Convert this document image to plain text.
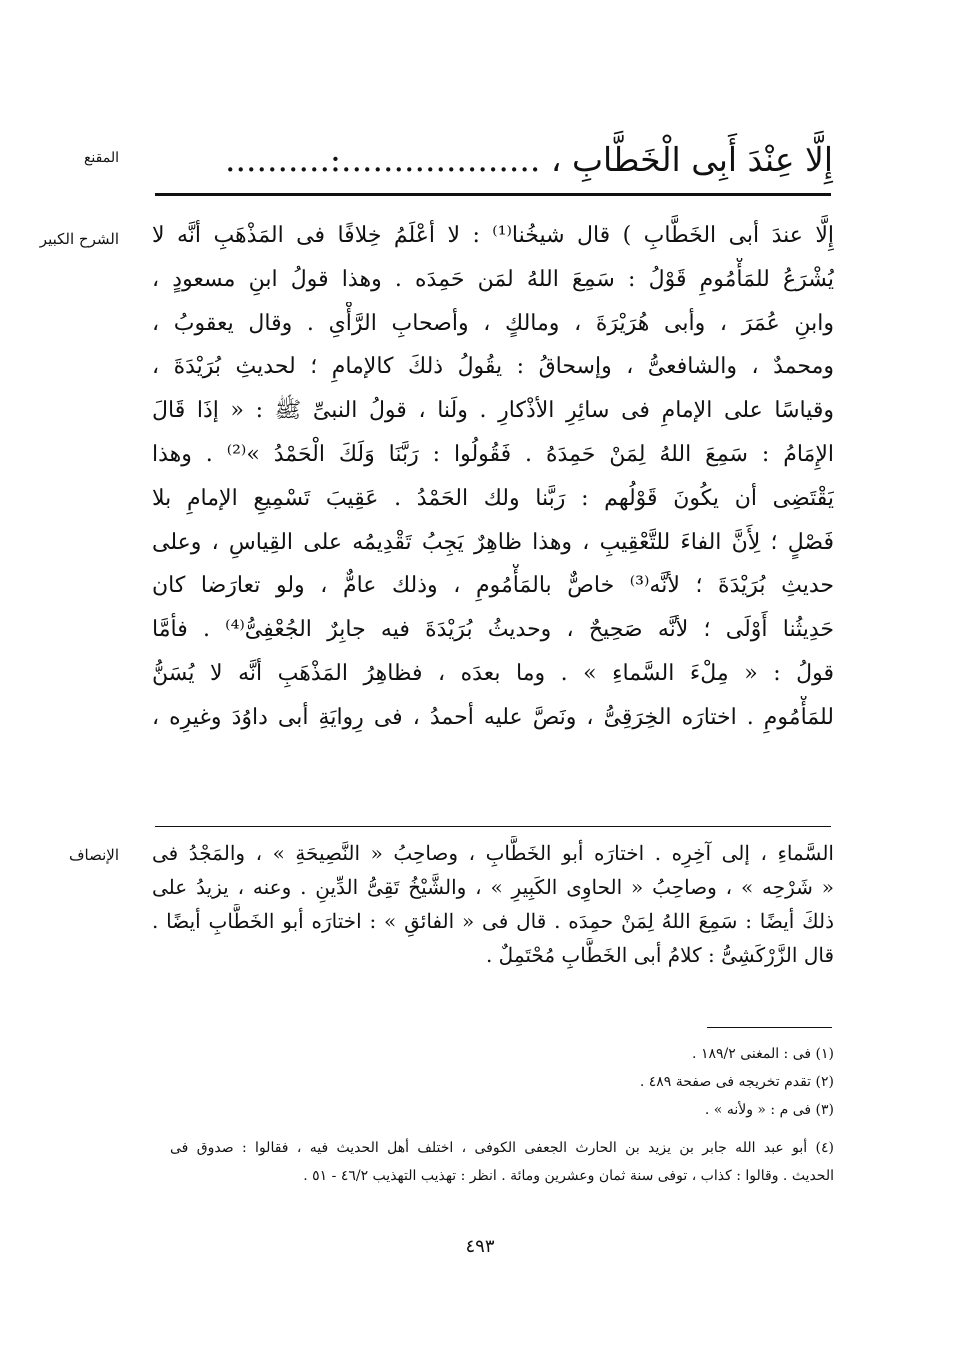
إِلَّا عِنْدَ أَبِى الْخَطَّابِ ، ...................:..........
المقنع
الشرح الكبير إِلَّا عندَ أبى الخَطَّابِ ) قال شيخُنا⁽¹⁾ : لا أعْلَمُ خِلافًا فى المَذْهَبِ أنَّه لا
يُشْرَعُ للمَأْمُومِ قَوْلُ : سَمِعَ اللهُ لمَن حَمِدَه . وهذا قولُ ابنِ مسعودٍ ،
وابنِ عُمَرَ ، وأبى هُرَيْرَةَ ، ومالكٍ ، وأصحابِ الرَّأْىِ . وقال يعقوبُ ،
ومحمدٌ ، والشافعىُّ ، وإسحاقُ : يقُولُ ذلكَ كالإمامِ ؛ لحديثِ بُرَيْدَةَ ،
وقياسًا على الإمامِ فى سائِرِ الأذْكارِ . ولَنا ، قولُ النبىِّ ﷺ : « إذَا قَالَ
الإِمَامُ : سَمِعَ اللهُ لِمَنْ حَمِدَهُ . فَقُولُوا : رَبَّنَا وَلَكَ الْحَمْدُ »⁽²⁾ . وهذا
يَقْتَضِى أن يكُونَ قَوْلُهم : رَبَّنا ولك الحَمْدُ . عَقِيبَ تَسْمِيعِ الإمامِ بلا
فَصْلٍ ؛ لِأَنَّ الفاءَ للتَّعْقِيبِ ، وهذا ظاهِرٌ يَجِبُ تَقْدِيمُه على القِياسِ ، وعلى
حديثِ بُرَيْدَةَ ؛ لأنَّه⁽³⁾ خاصٌّ بالمَأْمُومِ ، وذلك عامٌّ ، ولو تعارَضا كان
حَدِيثُنا أَوْلَى ؛ لأنَّه صَحِيحٌ ، وحديثُ بُرَيْدَةَ فيه جابِرٌ الجُعْفِىُّ⁽⁴⁾ . فأمَّا
قولُ : « مِلْءَ السَّماءِ » . وما بعدَه ، فظاهِرُ المَذْهَبِ أنَّه لا يُسَنُّ
للمَأْمُومِ . اختارَه الخِرَقِىُّ ، ونَصَّ عليه أحمدُ ، فى رِوايَةِ أبى داوُدَ وغيرِه ،
الإنصاف السَّماءِ ، إلى آخِرِه . اختارَه أبو الخَطَّابِ ، وصاحِبُ « النَّصِيحَةِ » ، والمَجْدُ فى
« شَرْحِه » ، وصاحِبُ « الحاوِى الكَبِيرِ » ، والشَّيْخُ تَقِىُّ الدِّينِ . وعنه ، يزيدُ على
ذلكَ أيضًا : سَمِعَ اللهُ لِمَنْ حمِدَه . قال فى « الفائقِ » : اختارَه أبو الخَطَّابِ أيضًا .
قال الزَّرْكَشِىُّ : كلامُ أبى الخَطَّابِ مُحْتَمِلٌ .
(١) فى : المغنى ١٨٩/٢ .
(٢) تقدم تخريجه فى صفحة ٤٨٩ .
(٣) فى م : « ولأنه » .
(٤) أبو عبد الله جابر بن يزيد بن الحارث الجعفى الكوفى ، اختلف أهل الحديث فيه ، فقالوا : صدوق فى
الحديث . وقالوا : كذاب ، توفى سنة ثمان وعشرين ومائة . انظر : تهذيب التهذيب ٤٦/٢ - ٥١ .
٤٩٣
